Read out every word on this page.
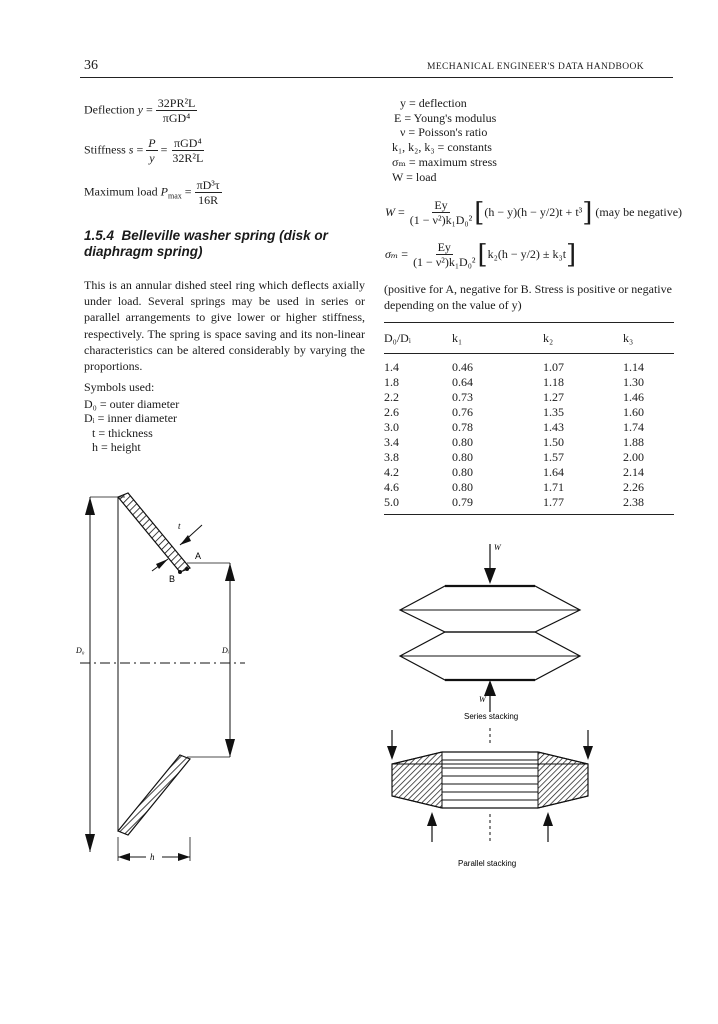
36	MECHANICAL ENGINEER'S DATA HANDBOOK
Deflection $y = \frac{\text{32PR²L}}{\text{πGD⁴}}$
Stiffness $s = \frac{P}{y} = \frac{\text{πGD⁴}}{\text{32R²L}}$
Maximum load $P_{max} = \frac{\text{πD³τ}}{16R}$
1.5.4 Belleville washer spring (disk or diaphragm spring)
This is an annular dished steel ring which deflects axially under load. Several springs may be used in series or parallel arrangements to give lower or higher stiffness, respectively. The spring is space saving and its non-linear characteristics can be altered considerably by varying the proportions.
Symbols used:
D₀ = outer diameter
Dᵢ = inner diameter
t = thickness
h = height
y = deflection
E = Young's modulus
ν = Poisson's ratio
k₁, k₂, k₃ = constants
σₘ = maximum stress
W = load
$W = \frac{Ey}{\text{(1 − ν²)k₁D₀²}}$ [ (h − y)(h − y/2)t + t³ ]
(may be negative)
$\sigma_m = \frac{Ey}{\text{(1 − ν²)k₁D₀²}}$ [ k₂(h − y/2) ± k₃t ]
(positive for A, negative for B. Stress is positive or negative depending on the value of y)
D₀/Dᵢ	k₁	k₂	k₃
1.4	0.46	1.07	1.14
1.8	0.64	1.18	1.30
2.2	0.73	1.27	1.46
2.6	0.76	1.35	1.60
3.0	0.78	1.43	1.74
3.4	0.80	1.50	1.88
3.8	0.80	1.57	2.00
4.2	0.80	1.64	2.14
4.6	0.80	1.71	2.26
5.0	0.79	1.77	2.38
t
A
B
D₀	Dᵢ
h
W
W
Series stacking
Parallel stacking
